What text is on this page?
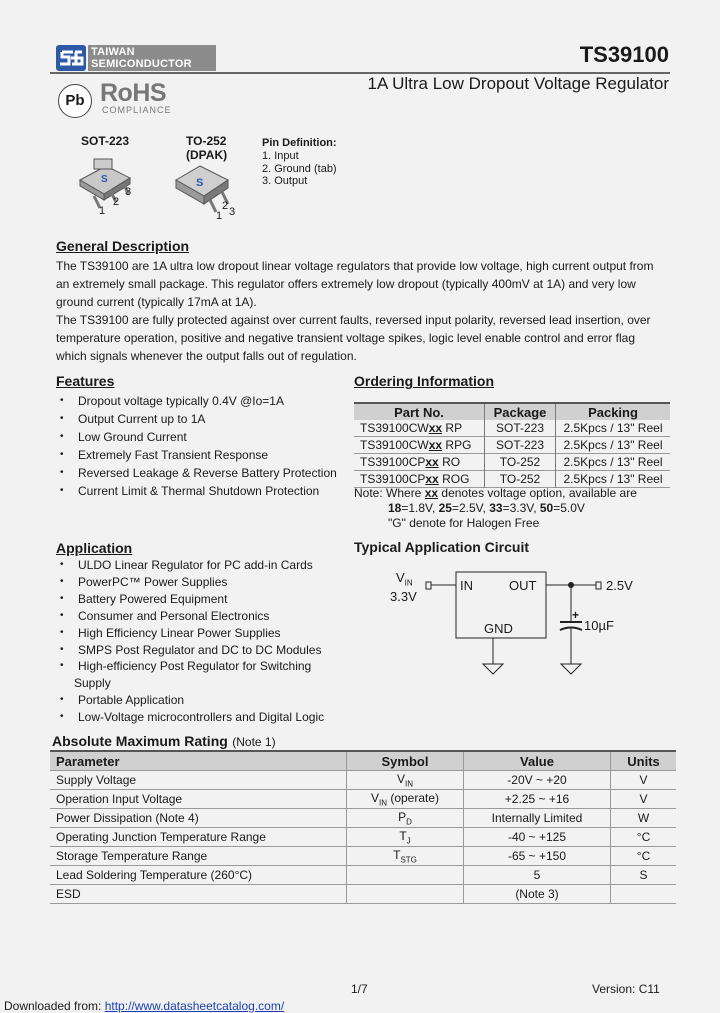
TAIWAN
SEMICONDUCTOR	TS39100
1A Ultra Low Dropout Voltage Regulator
Pb RoHS
COMPLIANCE
SOT-223	TO-252
(DPAK)
S
1
2
3
S
1
2 3
Pin Definition:
1. Input
2. Ground (tab)
3. Output
General Description
The TS39100 are 1A ultra low dropout linear voltage regulators that provide low voltage, high current output from
an extremely small package. This regulator offers extremely low dropout (typically 400mV at 1A) and very low
ground current (typically 17mA at 1A).
The TS39100 are fully protected against over current faults, reversed input polarity, reversed lead insertion, over
temperature operation, positive and negative transient voltage spikes, logic level enable control and error flag
which signals whenever the output falls out of regulation.
Features
• Dropout voltage typically 0.4V @Io=1A
• Output Current up to 1A
• Low Ground Current
• Extremely Fast Transient Response
• Reversed Leakage & Reverse Battery Protection
• Current Limit & Thermal Shutdown Protection
Ordering Information
Part No.	Package	Packing
TS39100CWxx RP	SOT-223	2.5Kpcs / 13" Reel
TS39100CWxx RPG	SOT-223	2.5Kpcs / 13" Reel
TS39100CPxx RO	TO-252	2.5Kpcs / 13" Reel
TS39100CPxx ROG	TO-252	2.5Kpcs / 13" Reel
Note: Where xx denotes voltage option, available are
18=1.8V, 25=2.5V, 33=3.3V, 50=5.0V
"G" denote for Halogen Free
Application
• ULDO Linear Regulator for PC add-in Cards
• PowerPC™ Power Supplies
• Battery Powered Equipment
• Consumer and Personal Electronics
• High Efficiency Linear Power Supplies
• SMPS Post Regulator and DC to DC Modules
• High-efficiency Post Regulator for Switching
Supply
• Portable Application
• Low-Voltage microcontrollers and Digital Logic
Typical Application Circuit
$V_{IN}$
3.3V
IN	OUT
GND
2.5V
+
10µF
Absolute Maximum Rating (Note 1)
Parameter	Symbol	Value	Units
Supply Voltage	$V_{IN}$	-20V ~ +20	V
Operation Input Voltage	$V_{IN}$ (operate)	+2.25 ~ +16	V
Power Dissipation (Note 4)	$P_D$	Internally Limited	W
Operating Junction Temperature Range	$T_J$	-40 ~ +125	°C
Storage Temperature Range	$T_{STG}$	-65 ~ +150	°C
Lead Soldering Temperature (260°C)		5	S
ESD		(Note 3)	
1/7	Version: C11
Downloaded from: http://www.datasheetcatalog.com/
